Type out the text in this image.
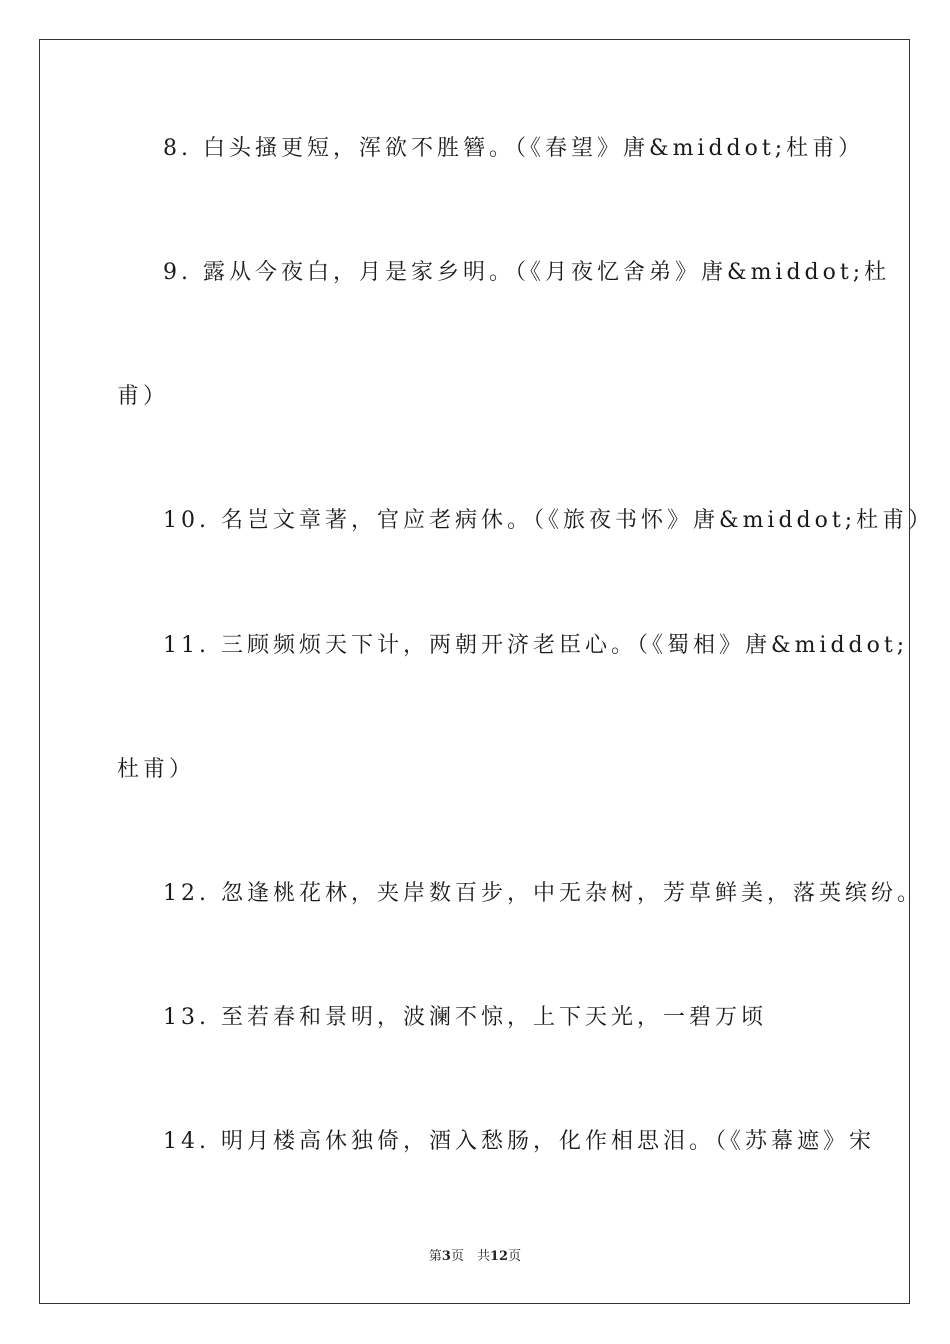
8. 白头搔更短，浑欲不胜簪。（《春望》唐&middot;杜甫）
9. 露从今夜白，月是家乡明。（《月夜忆舍弟》唐&middot;杜
甫）
10. 名岂文章著，官应老病休。（《旅夜书怀》唐&middot;杜甫）
11. 三顾频烦天下计，两朝开济老臣心。（《蜀相》唐&middot;
杜甫）
12. 忽逢桃花林，夹岸数百步，中无杂树，芳草鲜美，落英缤纷。
13. 至若春和景明，波澜不惊，上下天光，一碧万顷
14. 明月楼高休独倚，酒入愁肠，化作相思泪。（《苏幕遮》宋
第3页　共12页
